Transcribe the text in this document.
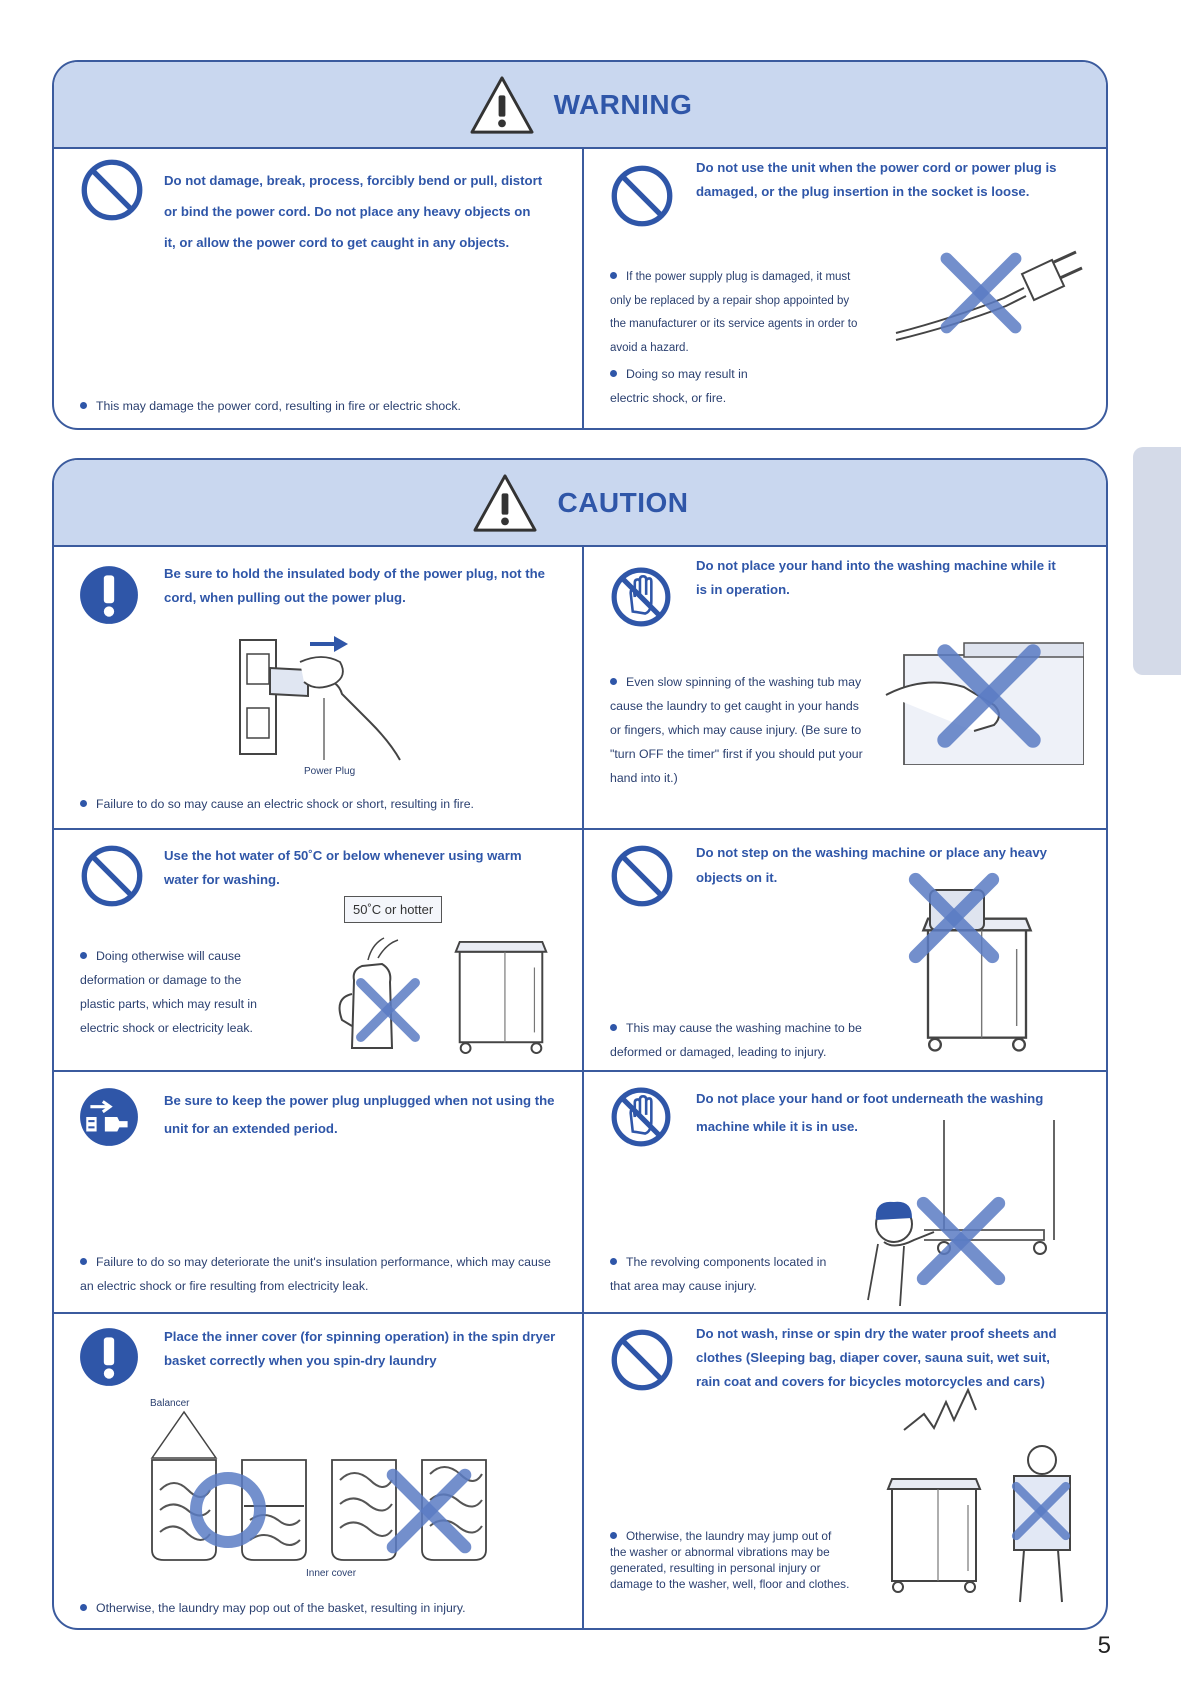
WARNING
Do not damage, break, process, forcibly bend or pull, distort or bind the power cord. Do not place any heavy objects on it, or allow the power cord to get caught in any objects.
This may damage the power cord, resulting in fire or electric shock.
Do not use the unit when the power cord or power plug is damaged, or the plug insertion in the socket is loose.
If the power supply plug is damaged, it must only be replaced by a repair shop appointed by the manufacturer or its service agents in order to avoid a hazard.
Doing so may result in electric shock, or fire.
CAUTION
Be sure to hold the insulated body of the power plug, not the cord, when pulling out the power plug.
Power Plug
Failure to do so may cause an electric shock or short, resulting in fire.
Do not place your hand into the washing machine while it is in operation.
Even slow spinning of the washing tub may cause the laundry to get caught in your hands or fingers, which may cause injury. (Be sure to "turn OFF the timer" first if you should put your hand into it.)
Use the hot water of 50˚C or below whenever using warm water for washing.
50˚C or hotter
Doing otherwise will cause deformation or damage to the plastic parts, which may result in electric shock or electricity leak.
Do not step on the washing machine or place any heavy objects on it.
This may cause the washing machine to be deformed or damaged, leading to injury.
Be sure to keep the power plug unplugged when not using the unit for an extended period.
Failure to do so may deteriorate the unit's insulation performance, which may cause an electric shock or fire resulting from electricity leak.
Do not place your hand or foot underneath the washing machine while it is in use.
The revolving components located in that area may cause injury.
Place the inner cover (for spinning operation) in the spin dryer basket correctly when you spin-dry laundry
Balancer
Inner cover
Otherwise, the laundry may pop out of the basket, resulting in injury.
Do not wash, rinse or spin dry the water proof sheets and clothes (Sleeping bag, diaper cover, sauna suit, wet suit, rain coat and covers for bicycles motorcycles and cars)
Otherwise, the laundry may jump out of the washer or abnormal vibrations may be generated, resulting in personal injury or damage to the washer, well, floor and clothes.
5
